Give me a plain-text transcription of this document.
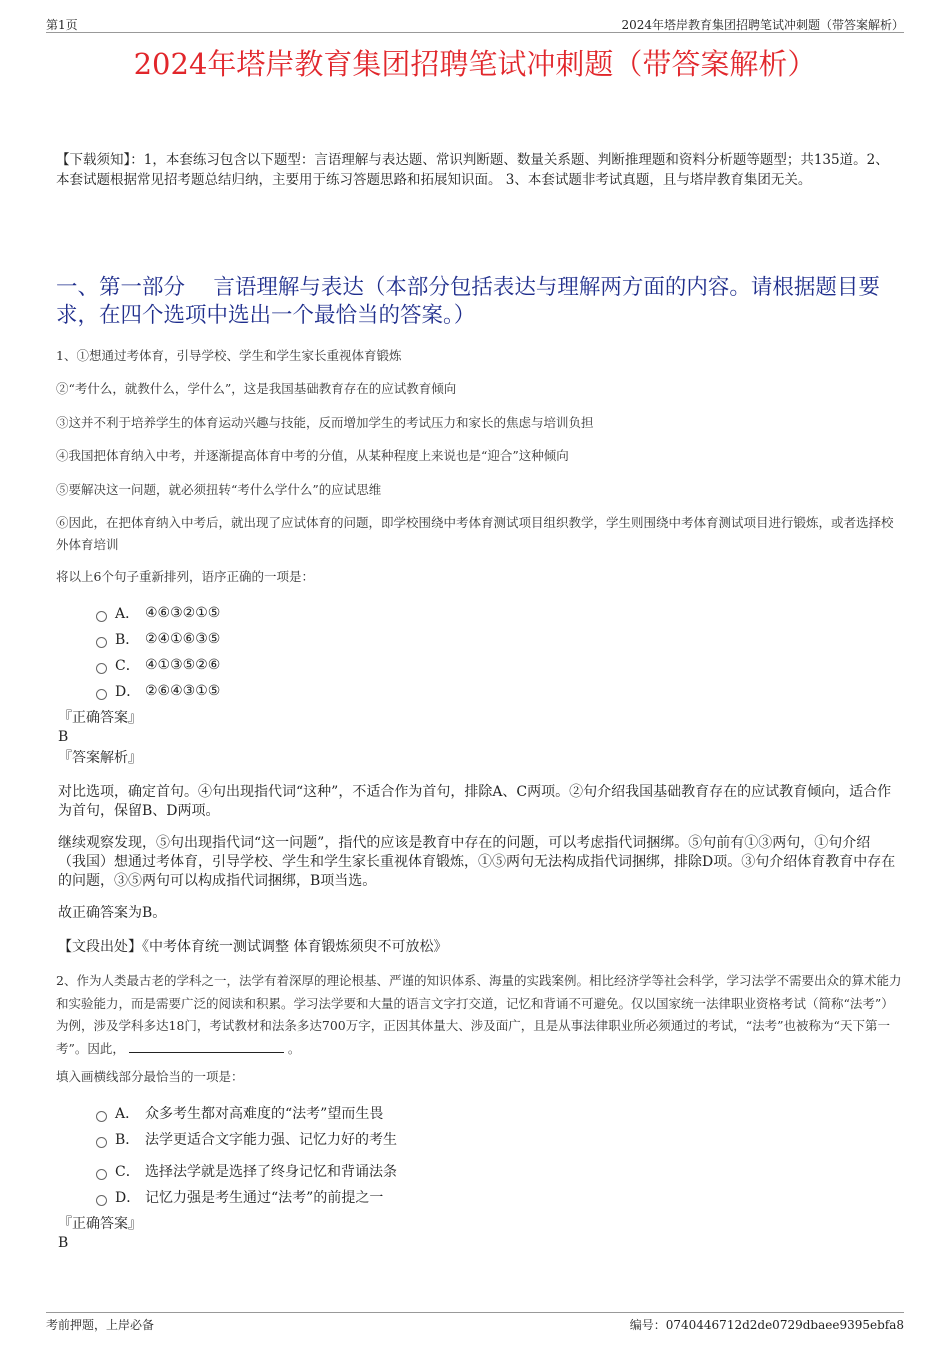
第1页	2024年塔岸教育集团招聘笔试冲刺题（带答案解析）
2024年塔岸教育集团招聘笔试冲刺题（带答案解析）
【下载须知】：1，本套练习包含以下题型：言语理解与表达题、常识判断题、数量关系题、判断推理题和资料分析题等题型；共135道。2、本套试题根据常见招考题总结归纳，主要用于练习答题思路和拓展知识面。 3、本套试题非考试真题，且与塔岸教育集团无关。
一、第一部分　 言语理解与表达（本部分包括表达与理解两方面的内容。请根据题目要求，在四个选项中选出一个最恰当的答案。）
1、①想通过考体育，引导学校、学生和学生家长重视体育锻炼
②“考什么，就教什么，学什么”，这是我国基础教育存在的应试教育倾向
③这并不利于培养学生的体育运动兴趣与技能，反而增加学生的考试压力和家长的焦虑与培训负担
④我国把体育纳入中考，并逐渐提高体育中考的分值，从某种程度上来说也是“迎合”这种倾向
⑤要解决这一问题，就必须扭转“考什么学什么”的应试思维
⑥因此，在把体育纳入中考后，就出现了应试体育的问题，即学校围绕中考体育测试项目组织教学，学生则围绕中考体育测试项目进行锻炼，或者选择校外体育培训
将以上6个句子重新排列，语序正确的一项是：
A． ④⑥③②①⑤
B． ②④①⑥③⑤
C． ④①③⑤②⑥
D． ②⑥④③①⑤
『正确答案』
B
『答案解析』
对比选项，确定首句。④句出现指代词“这种”，不适合作为首句，排除A、C两项。②句介绍我国基础教育存在的应试教育倾向，适合作为首句，保留B、D两项。
继续观察发现，⑤句出现指代词“这一问题”，指代的应该是教育中存在的问题，可以考虑指代词捆绑。⑤句前有①③两句，①句介绍（我国）想通过考体育，引导学校、学生和学生家长重视体育锻炼，①⑤两句无法构成指代词捆绑，排除D项。③句介绍体育教育中存在的问题，③⑤两句可以构成指代词捆绑，B项当选。
故正确答案为B。
【文段出处】《中考体育统一测试调整 体育锻炼须臾不可放松》
2、作为人类最古老的学科之一，法学有着深厚的理论根基、严谨的知识体系、海量的实践案例。相比经济学等社会科学，学习法学不需要出众的算术能力和实验能力，而是需要广泛的阅读和积累。学习法学要和大量的语言文字打交道，记忆和背诵不可避免。仅以国家统一法律职业资格考试（简称“法考”）为例，涉及学科多达18门，考试教材和法条多达700万字，正因其体量大、涉及面广，且是从事法律职业所必须通过的考试，“法考”也被称为“天下第一考”。因此，	。
填入画横线部分最恰当的一项是：
A． 众多考生都对高难度的“法考”望而生畏
B． 法学更适合文字能力强、记忆力好的考生
C． 选择法学就是选择了终身记忆和背诵法条
D． 记忆力强是考生通过“法考”的前提之一
『正确答案』
B
考前押题，上岸必备	编号：0740446712d2de0729dbaee9395ebfa8
